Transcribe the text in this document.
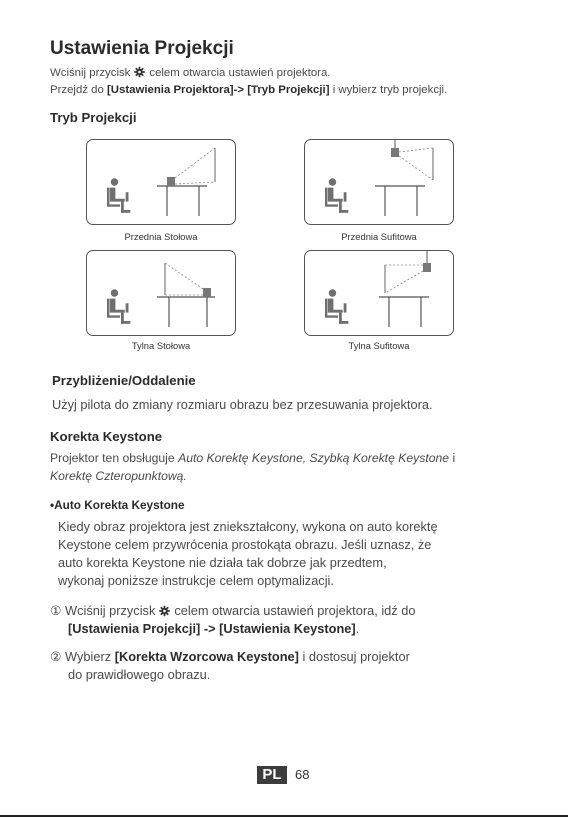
Ustawienia Projekcji
Wciśnij przycisk celem otwarcia ustawień projektora.
Przejdź do [Ustawienia Projektora]-> [Tryb Projekcji] i wybierz tryb projekcji.
Tryb Projekcji
Przednia Stołowa	Przednia Sufitowa
Tylna Stołowa	Tylna Sufitowa
Przybliżenie/Oddalenie
Użyj pilota do zmiany rozmiaru obrazu bez przesuwania projektora.
Korekta Keystone
Projektor ten obsługuje Auto Korektę Keystone, Szybką Korektę Keystone i
Korektę Czteropunktową.
•Auto Korekta Keystone
Kiedy obraz projektora jest zniekształcony, wykona on auto korektę
Keystone celem przywrócenia prostokąta obrazu. Jeśli uznasz, że
auto korekta Keystone nie działa tak dobrze jak przedtem,
wykonaj poniższe instrukcje celem optymalizacji.
① Wciśnij przycisk celem otwarcia ustawień projektora, idź do
[Ustawienia Projekcji] -> [Ustawienia Keystone].
② Wybierz [Korekta Wzorcowa Keystone] i dostosuj projektor
do prawidłowego obrazu.
PL	68
